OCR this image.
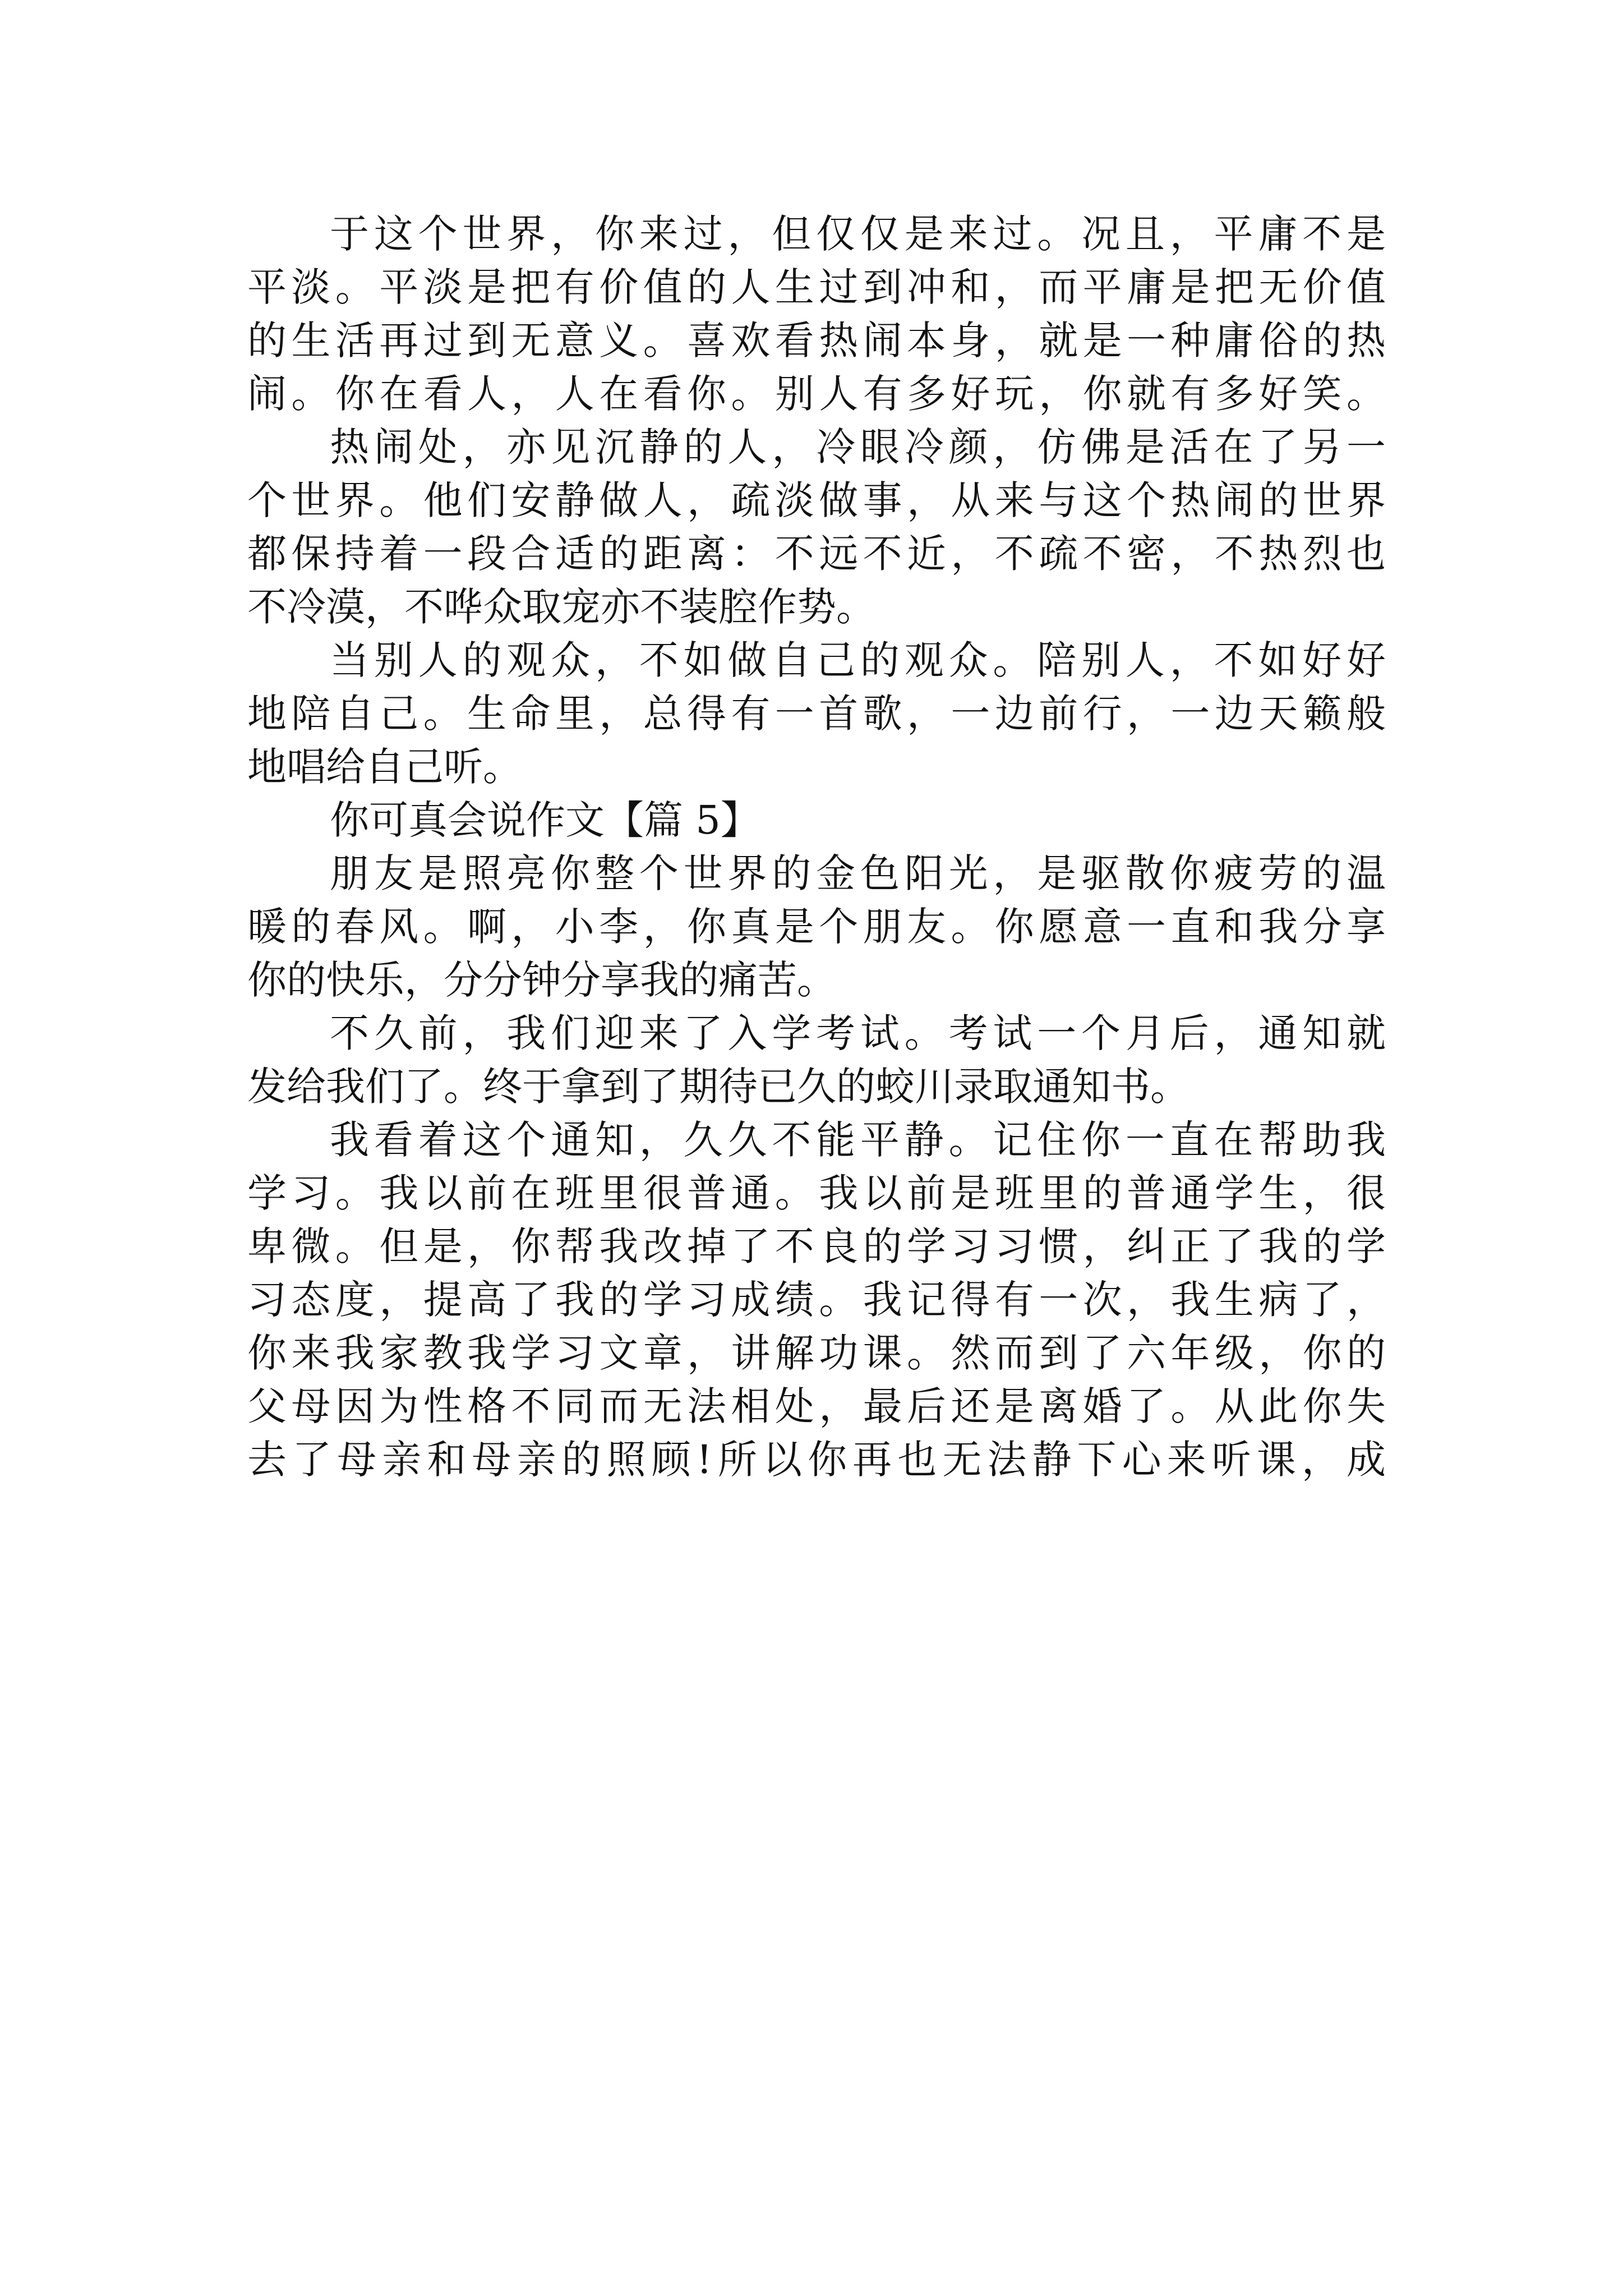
于这个世界，你来过，但仅仅是来过。况且，平庸不是
平淡。平淡是把有价值的人生过到冲和，而平庸是把无价值
的生活再过到无意义。喜欢看热闹本身，就是一种庸俗的热
闹。你在看人，人在看你。别人有多好玩，你就有多好笑。
热闹处，亦见沉静的人，冷眼冷颜，仿佛是活在了另一
个世界。他们安静做人，疏淡做事，从来与这个热闹的世界
都保持着一段合适的距离：不远不近，不疏不密，不热烈也
不冷漠，不哗众取宠亦不装腔作势。
当别人的观众，不如做自己的观众。陪别人，不如好好
地陪自己。生命里，总得有一首歌，一边前行，一边天籁般
地唱给自己听。
你可真会说作文【篇 5】
朋友是照亮你整个世界的金色阳光，是驱散你疲劳的温
暖的春风。啊，小李，你真是个朋友。你愿意一直和我分享
你的快乐，分分钟分享我的痛苦。
不久前，我们迎来了入学考试。考试一个月后，通知就
发给我们了。终于拿到了期待已久的蛟川录取通知书。
我看着这个通知，久久不能平静。记住你一直在帮助我
学习。我以前在班里很普通。我以前是班里的普通学生，很
卑微。但是，你帮我改掉了不良的学习习惯，纠正了我的学
习态度，提高了我的学习成绩。我记得有一次，我生病了，
你来我家教我学习文章，讲解功课。然而到了六年级，你的
父母因为性格不同而无法相处，最后还是离婚了。从此你失
去了母亲和母亲的照顾!所以你再也无法静下心来听课，成
